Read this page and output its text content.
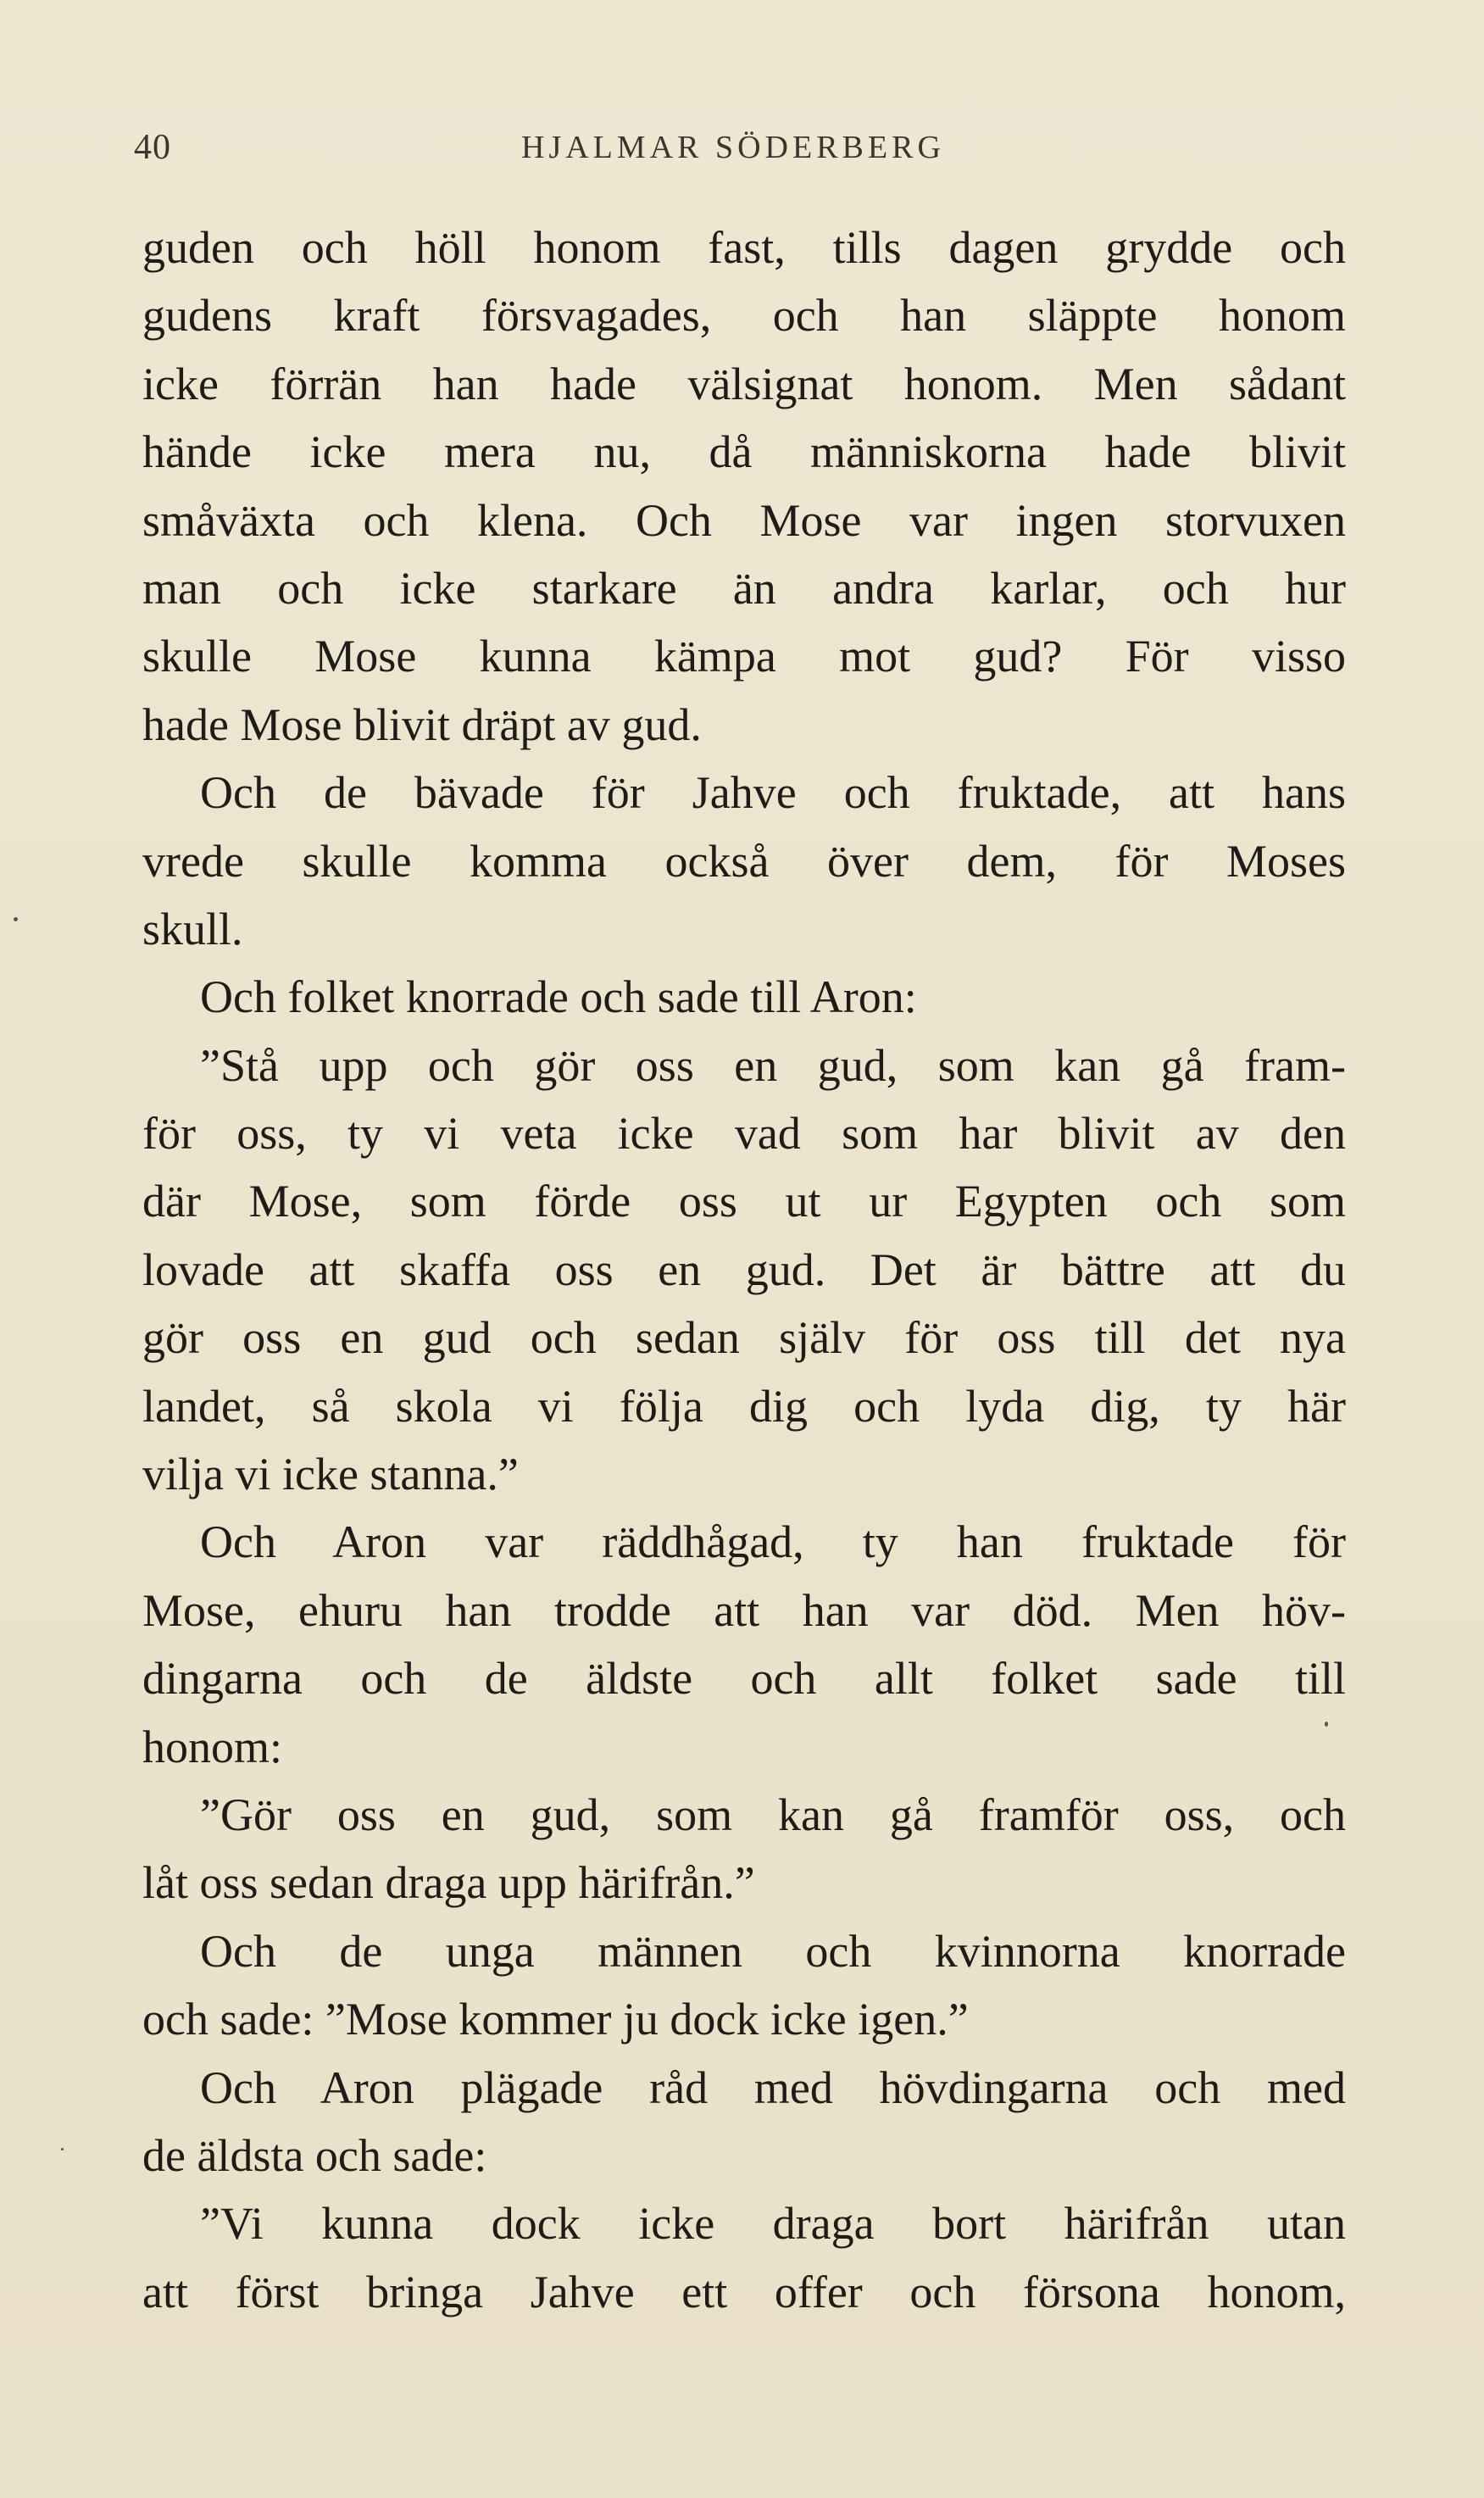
40	HJALMAR SÖDERBERG
guden och höll honom fast, tills dagen grydde och
gudens kraft försvagades, och han släppte honom
icke förrän han hade välsignat honom. Men sådant
hände icke mera nu, då människorna hade blivit
småväxta och klena. Och Mose var ingen storvuxen
man och icke starkare än andra karlar, och hur
skulle Mose kunna kämpa mot gud? För visso
hade Mose blivit dräpt av gud.
Och de bävade för Jahve och fruktade, att hans
vrede skulle komma också över dem, för Moses
skull.
Och folket knorrade och sade till Aron:
”Stå upp och gör oss en gud, som kan gå fram-
för oss, ty vi veta icke vad som har blivit av den
där Mose, som förde oss ut ur Egypten och som
lovade att skaffa oss en gud. Det är bättre att du
gör oss en gud och sedan själv för oss till det nya
landet, så skola vi följa dig och lyda dig, ty här
vilja vi icke stanna.”
Och Aron var räddhågad, ty han fruktade för
Mose, ehuru han trodde att han var död. Men höv-
dingarna och de äldste och allt folket sade till
honom:
”Gör oss en gud, som kan gå framför oss, och
låt oss sedan draga upp härifrån.”
Och de unga männen och kvinnorna knorrade
och sade: ”Mose kommer ju dock icke igen.”
Och Aron plägade råd med hövdingarna och med
de äldsta och sade:
”Vi kunna dock icke draga bort härifrån utan
att först bringa Jahve ett offer och försona honom,
